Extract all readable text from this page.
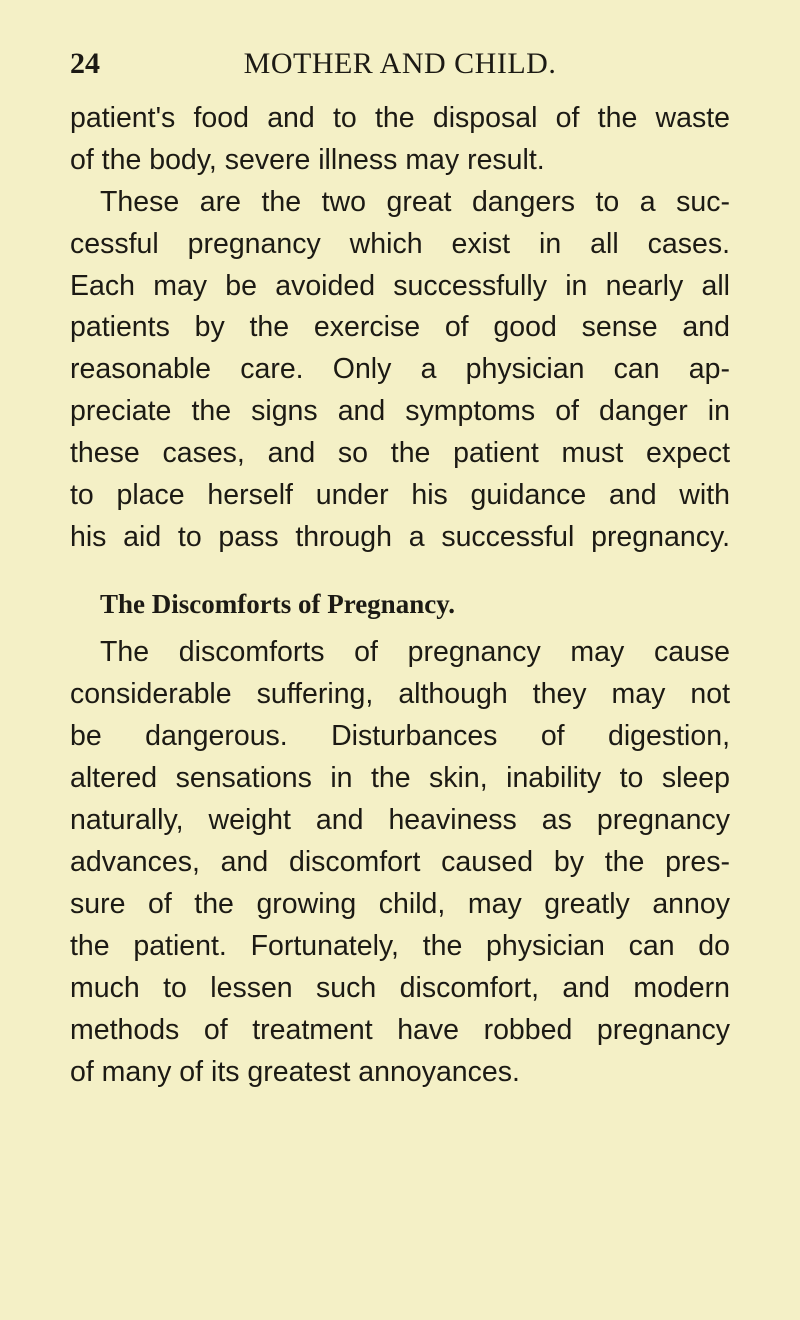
24	MOTHER AND CHILD.
patient's food and to the disposal of the waste
of the body, severe illness may result.
These are the two great dangers to a suc-
cessful pregnancy which exist in all cases.
Each may be avoided successfully in nearly all
patients by the exercise of good sense and
reasonable care. Only a physician can ap-
preciate the signs and symptoms of danger in
these cases, and so the patient must expect
to place herself under his guidance and with
his aid to pass through a successful pregnancy.
The Discomforts of Pregnancy.
The discomforts of pregnancy may cause
considerable suffering, although they may not
be dangerous. Disturbances of digestion,
altered sensations in the skin, inability to sleep
naturally, weight and heaviness as pregnancy
advances, and discomfort caused by the pres-
sure of the growing child, may greatly annoy
the patient. Fortunately, the physician can do
much to lessen such discomfort, and modern
methods of treatment have robbed pregnancy
of many of its greatest annoyances.
